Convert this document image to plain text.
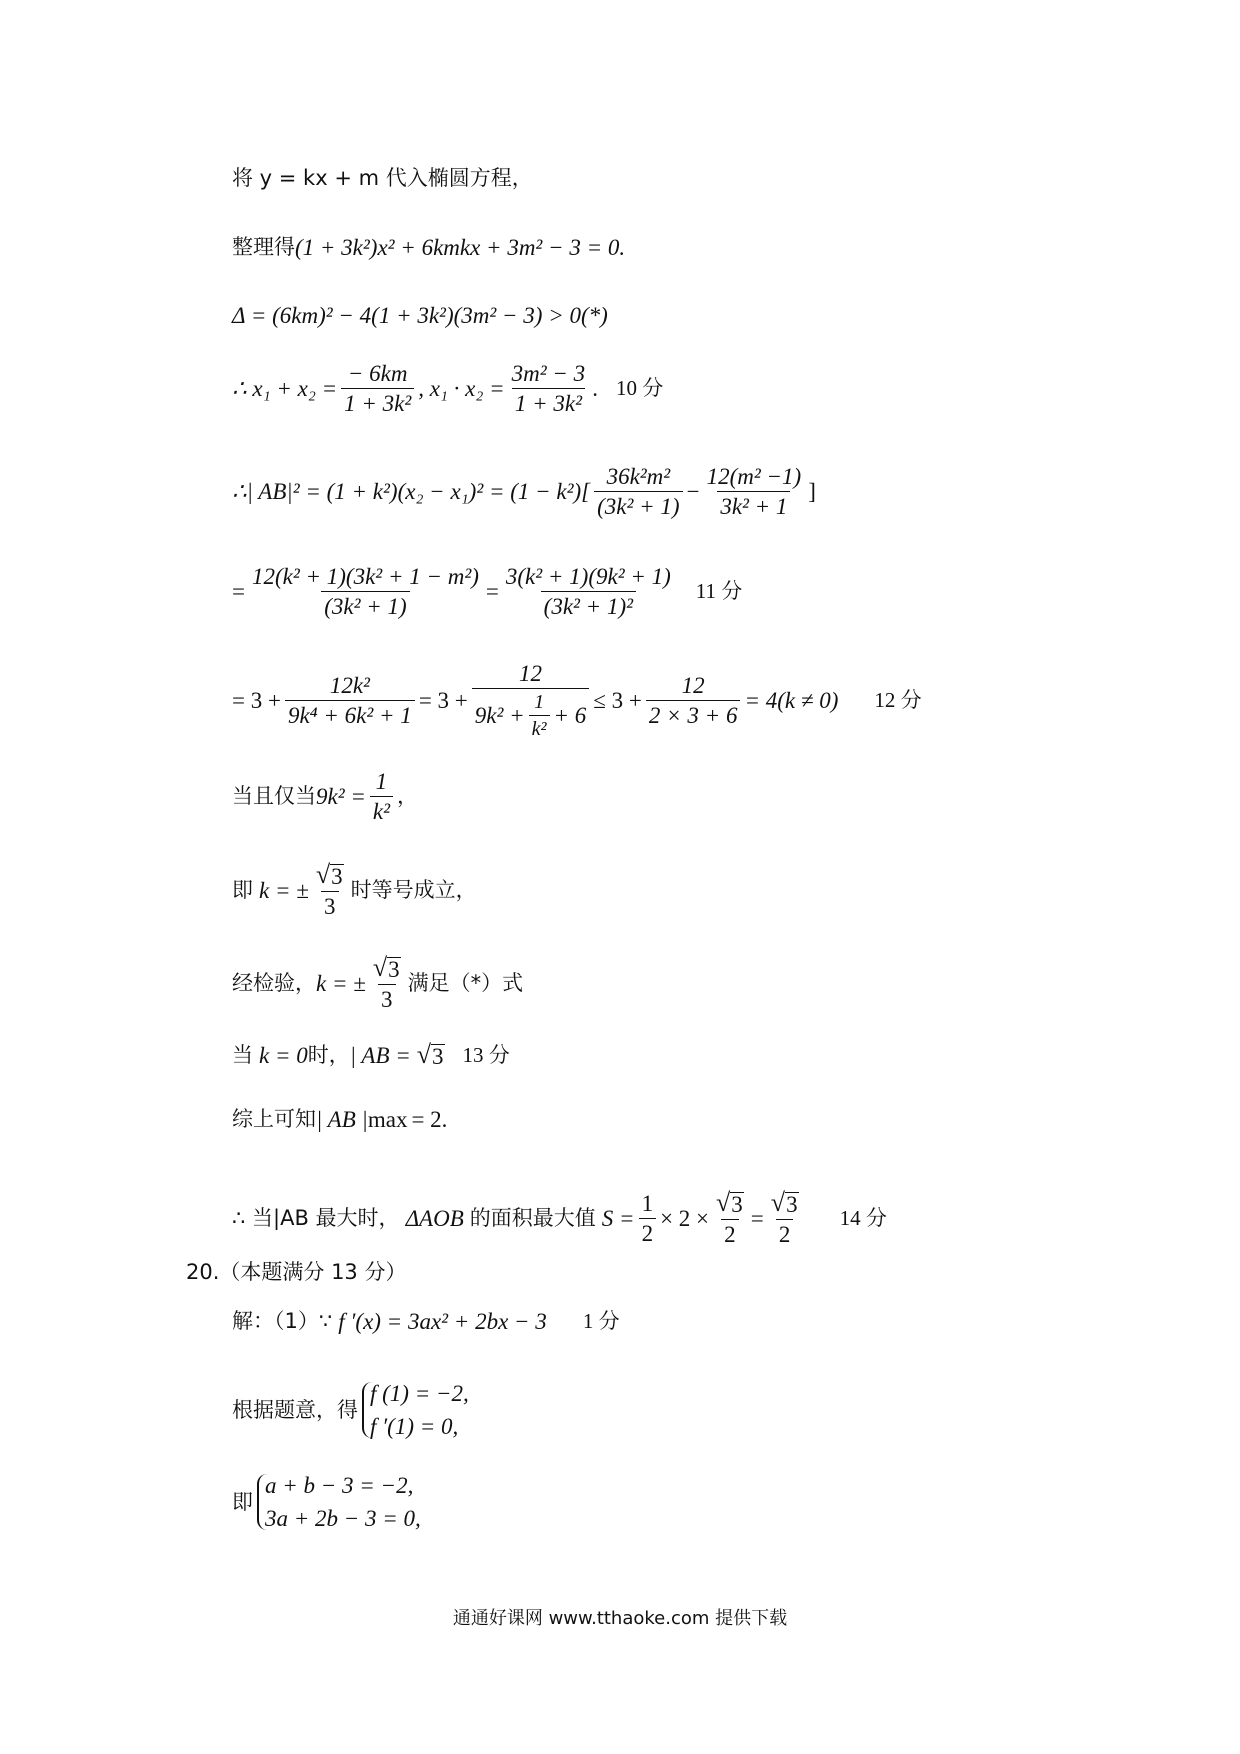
将 y = kx + m 代入椭圆方程，
整理得 (1 + 3k²)x² + 6kmkx + 3m² − 3 = 0.
Δ = (6km)² − 4(1 + 3k²)(3m² − 3) > 0(*)
∴ $x_1 + x_2 = \frac{- 6km}{\text{1 + 3k²}}$ , $x_1 \cdot x_2 = \frac{\text{3m² − 3}}{\text{1 + 3k²}}$ . 10 分
∴| $AB|^2 = (1 + k^2)(x_2 - x_1)^2 = (1 - k^2)[ \frac{\text{36k²m²}}{\text{(3k² + 1)}} - \frac{\text{12(m² −1)}}{\text{3k² + 1}}$ ]
= $\frac{\text{12(k² + 1)(3k² + 1 − m²)}}{\text{(3k² + 1)}} = \frac{\text{3(k² + 1)(9k² + 1)}}{\text{(3k² + 1)²}} 11$ 分
= $3 + \frac{\text{12k²}}{\text{9k⁴ + 6k² + 1}} = 3 + \frac{12}{9k^2 + \frac{1}{\text{k²}} + 6} \le 3 + \frac{12}{2 \times 3 + 6} = 4(k \ne 0)$ 12 分
当且仅当 $9k^2 = \frac{1}{\text{k²}}$ ，
即 k = ± $\frac{√ 3}{3}$ 时等号成立，
经检验， k = ± $\frac{√ 3}{3}$ 满足（*）式
当 k = 0 时， | AB = √ 3 13 分
综上可知 | AB | max = 2.
∴ 当|AB 最大时， ΔAOB 的面积最大值 $S = \frac{1}{2} \times 2 \times \frac{√ 3}{2} = \frac{√ 3}{2} 14$ 分
20.（本题满分 13 分）
解：（1）∵ f ′(x) = 3ax² + 2bx − 3 1 分
根据题意，得
f (1) = −2,
f ′(1) = 0,
即
a + b − 3 = −2,
3a + 2b − 3 = 0,
通通好课网 www.tthaoke.com 提供下载
